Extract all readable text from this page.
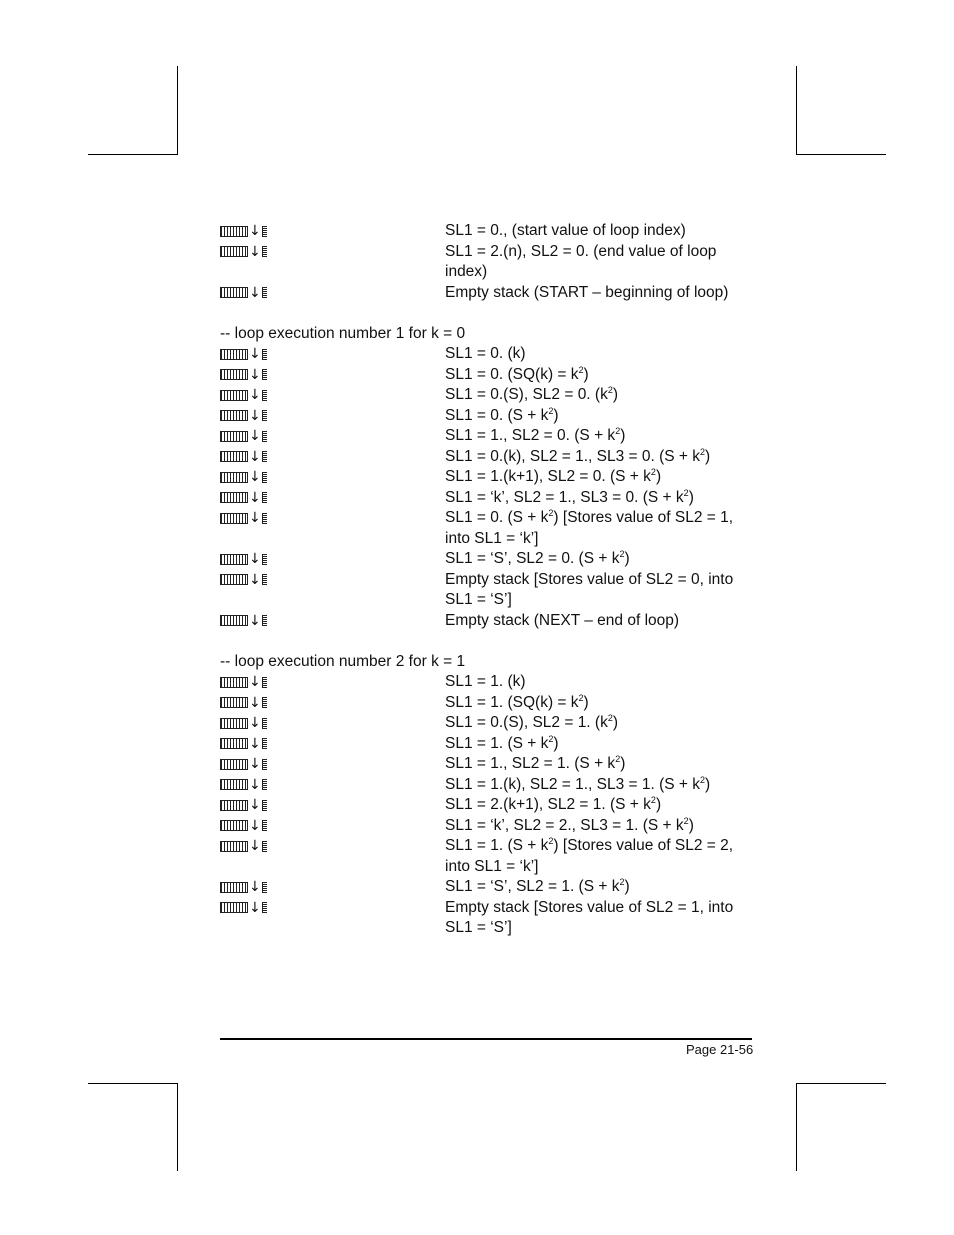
↓	SL1 = 0., (start value of loop index)
↓	SL1 = 2.(n), SL2 = 0. (end value of loop
index)
↓	Empty stack (START – beginning of loop)
-- loop execution number 1 for k = 0
↓	SL1 = 0. (k)
↓	SL1 = 0. $(SQ(k) = k^2)$
↓	SL1 = 0.(S), SL2 = 0. $(k^2)$
↓	SL1 = 0. $(S + k^2)$
↓	SL1 = 1., SL2 = 0. $(S + k^2)$
↓	SL1 = 0.(k), SL2 = 1., SL3 = 0. $(S + k^2)$
↓	SL1 = 1.(k+1), SL2 = 0. $(S + k^2)$
↓	SL1 = ‘k’, SL2 = 1., SL3 = 0. $(S + k^2)$
↓	SL1 = 0. $(S + k^2)$ [Stores value of SL2 = 1,
into SL1 = ‘k’]
↓	SL1 = ‘S’, SL2 = 0. $(S + k^2)$
↓	Empty stack [Stores value of SL2 = 0, into
SL1 = ‘S’]
↓	Empty stack (NEXT – end of loop)
-- loop execution number 2 for k = 1
↓	SL1 = 1. (k)
↓	SL1 = 1. $(SQ(k) = k^2)$
↓	SL1 = 0.(S), SL2 = 1. $(k^2)$
↓	SL1 = 1. $(S + k^2)$
↓	SL1 = 1., SL2 = 1. $(S + k^2)$
↓	SL1 = 1.(k), SL2 = 1., SL3 = 1. $(S + k^2)$
↓	SL1 = 2.(k+1), SL2 = 1. $(S + k^2)$
↓	SL1 = ‘k’, SL2 = 2., SL3 = 1. $(S + k^2)$
↓	SL1 = 1. $(S + k^2)$ [Stores value of SL2 = 2,
into SL1 = ‘k’]
↓	SL1 = ‘S’, SL2 = 1. $(S + k^2)$
↓	Empty stack [Stores value of SL2 = 1, into
SL1 = ‘S’]
Page 21-56
